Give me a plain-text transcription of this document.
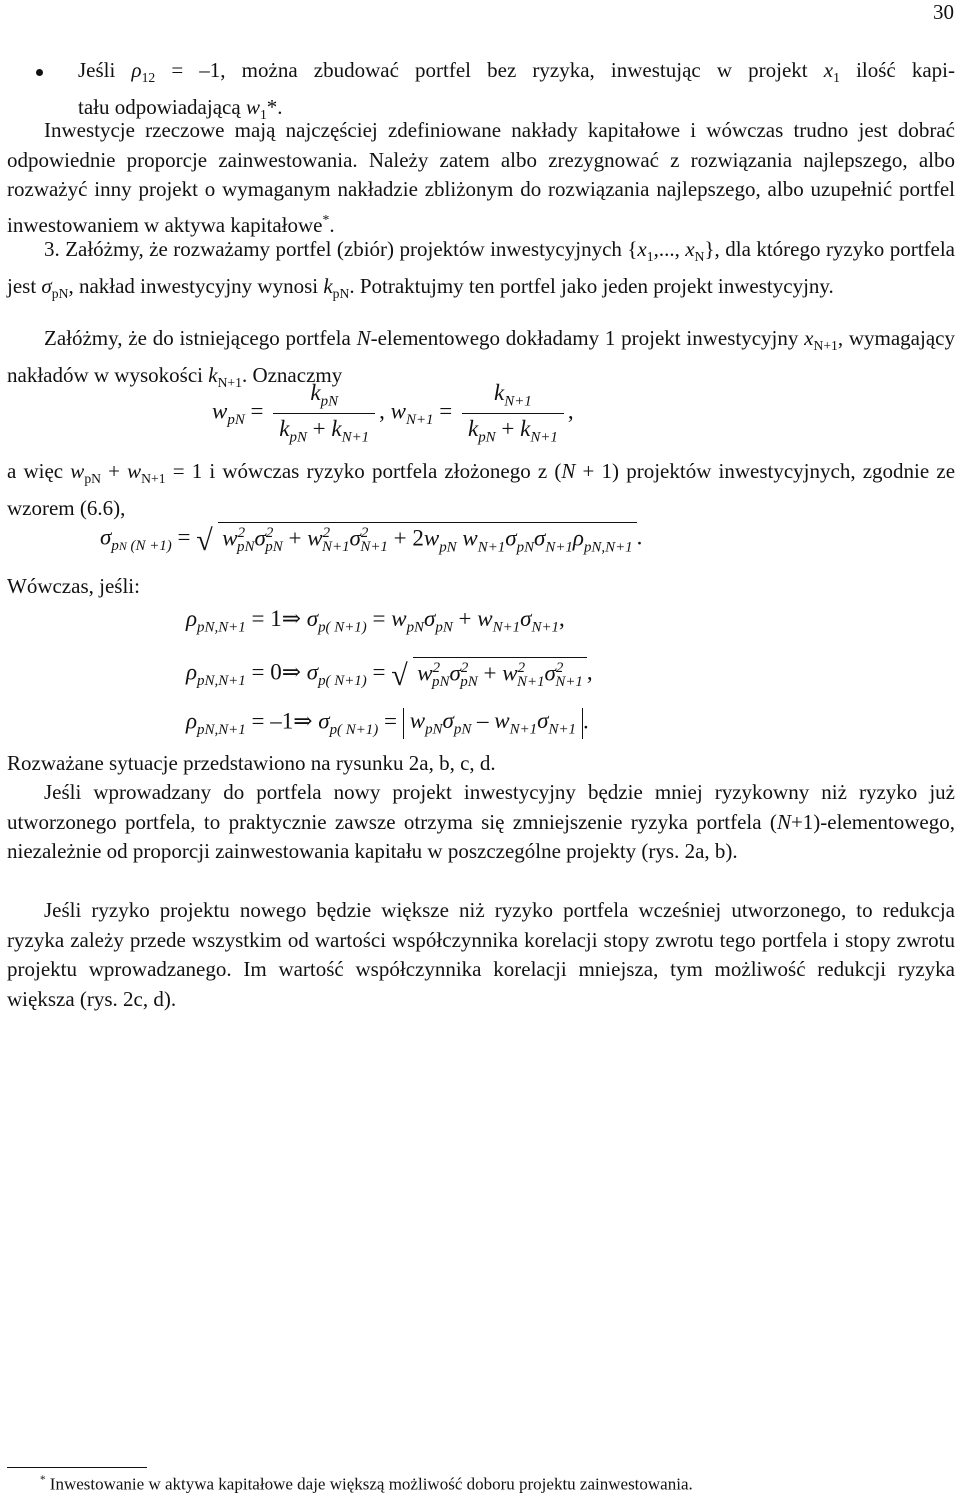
30
Jeśli $\rho_{12} = -1$, można zbudować portfel bez ryzyka, inwestując w projekt $x_1$ ilość kapi-
tału odpowiadającą $w_1*$.
Inwestycje rzeczowe mają najczęściej zdefiniowane nakłady kapitałowe i wówczas trudno jest dobrać odpowiednie proporcje zainwestowania. Należy zatem albo zrezygnować z rozwiązania najlepszego, albo rozważyć inny projekt o wymaganym nakładzie zbliżonym do rozwiązania najlepszego, albo uzupełnić portfel inwestowaniem w aktywa kapitałowe*.
3. Załóżmy, że rozważamy portfel (zbiór) projektów inwestycyjnych {$x_1$,..., $x_N$}, dla którego ryzyko portfela jest $\sigma_{pN}$, nakład inwestycyjny wynosi $k_{pN}$. Potraktujmy ten portfel jako jeden projekt inwestycyjny.
Załóżmy, że do istniejącego portfela N-elementowego dokładamy 1 projekt inwestycyjny $x_{N+1}$, wymagający nakładów w wysokości $k_{N+1}$. Oznaczmy
$w_{pN} = \frac{k_{pN}}{k_{pN} + k_{N+1}}$ , $w_{N+1} = \frac{k_{N+1}}{k_{pN} + k_{N+1}}$ ,
a więc $w_{pN} + w_{N+1} = 1$ i wówczas ryzyko portfela złożonego z (N + 1) projektów inwestycyjnych, zgodnie ze wzorem (6.6),
$\sigma_{pN (N +1)}$ = √ $w^2_{pN}\sigma^2_{pN} + w^2_{N+1}\sigma^2_{N+1} + 2w_{pN}$ $w_{N+1}\sigma_{pN}\sigma_{N+1}\rho_{pN,N+1}$ .
Wówczas, jeśli:
$\rho_{pN,N+1}$ = 1⇒ $\sigma_{p( N+1)} = w_{pN}\sigma_{pN} + w_{N+1}\sigma_{N+1}$,
$\rho_{pN,N+1}$ = 0⇒ $\sigma_{p( N+1)}$ = √ $w^2_{pN}\sigma^2_{pN} + w^2_{N+1}\sigma^2_{N+1}$ ,
$\rho_{pN,N+1}$ = –1⇒ $\sigma_{p( N+1)} = w_{pN}\sigma_{pN} - w_{N+1}\sigma_{N+1}$ .
Rozważane sytuacje przedstawiono na rysunku 2a, b, c, d.
Jeśli wprowadzany do portfela nowy projekt inwestycyjny będzie mniej ryzykowny niż ryzyko już utworzonego portfela, to praktycznie zawsze otrzyma się zmniejszenie ryzyka portfela (N+1)-elementowego, niezależnie od proporcji zainwestowania kapitału w poszczególne projekty (rys. 2a, b).
Jeśli ryzyko projektu nowego będzie większe niż ryzyko portfela wcześniej utworzonego, to redukcja ryzyka zależy przede wszystkim od wartości współczynnika korelacji stopy zwrotu tego portfela i stopy zwrotu projektu wprowadzanego. Im wartość współczynnika korelacji mniejsza, tym możliwość redukcji ryzyka większa (rys. 2c, d).
* Inwestowanie w aktywa kapitałowe daje większą możliwość doboru projektu zainwestowania.
